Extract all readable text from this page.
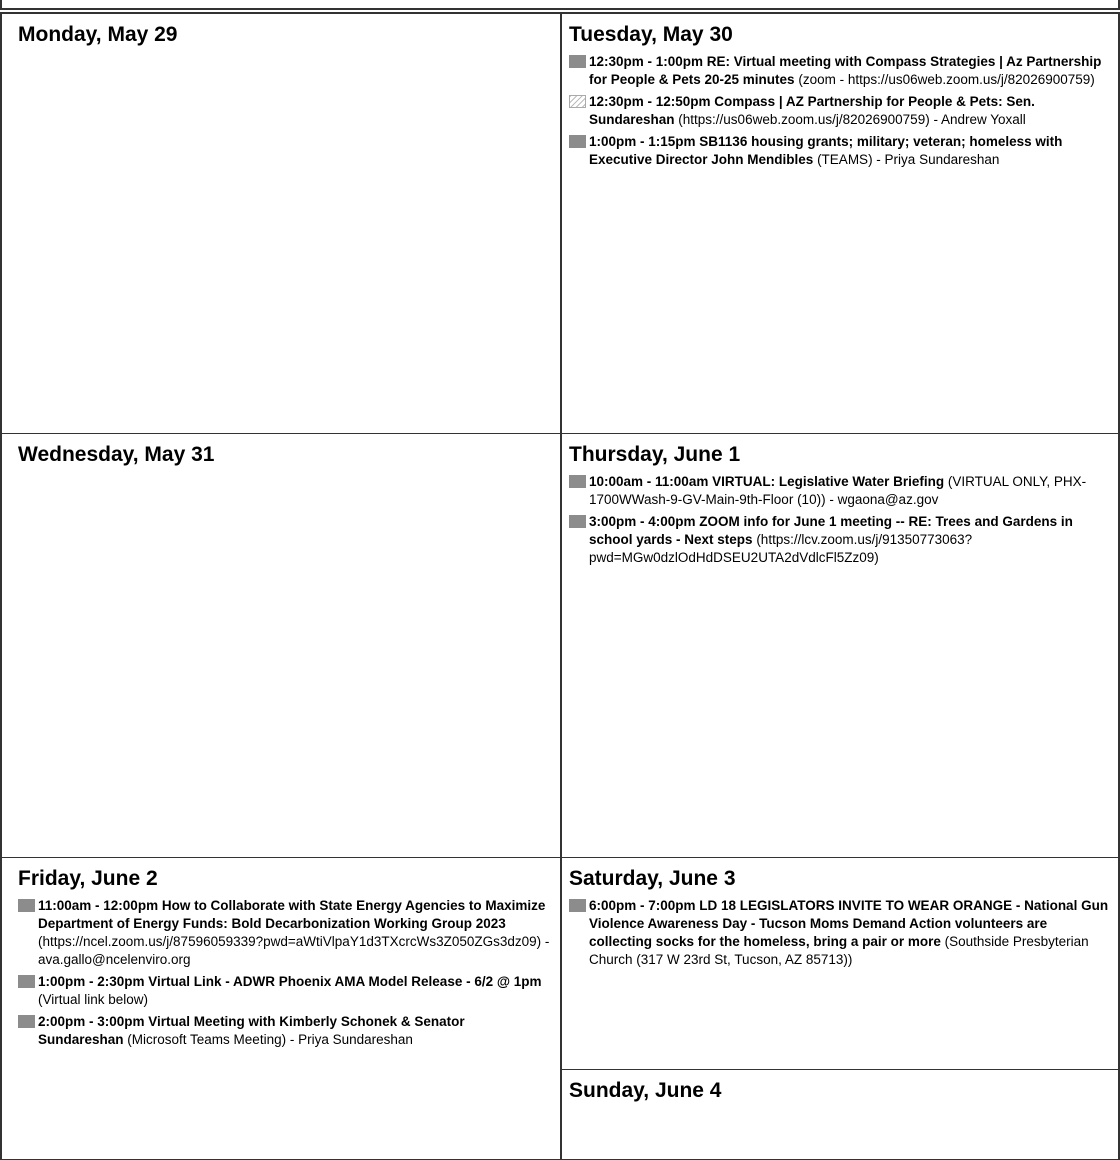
Monday, May 29	Tuesday, May 30
12:30pm - 1:00pm RE: Virtual meeting with Compass Strategies | Az Partnership for People & Pets 20-25 minutes (zoom - https://us06web.zoom.us/j/82026900759)
12:30pm - 12:50pm Compass | AZ Partnership for People & Pets: Sen. Sundareshan (https://us06web.zoom.us/j/82026900759) - Andrew Yoxall
1:00pm - 1:15pm SB1136 housing grants; military; veteran; homeless with Executive Director John Mendibles (TEAMS) - Priya Sundareshan
Wednesday, May 31	Thursday, June 1
10:00am - 11:00am VIRTUAL: Legislative Water Briefing (VIRTUAL ONLY, PHX-1700WWash-9-GV-Main-9th-Floor (10)) - wgaona@az.gov
3:00pm - 4:00pm ZOOM info for June 1 meeting -- RE: Trees and Gardens in school yards - Next steps (https://lcv.zoom.us/j/91350773063?pwd=MGw0dzlOdHdDSEU2UTA2dVdlcFl5Zz09)
Friday, June 2
11:00am - 12:00pm How to Collaborate with State Energy Agencies to Maximize Department of Energy Funds: Bold Decarbonization Working Group 2023 (https://ncel.zoom.us/j/87596059339?pwd=aWtiVlpaY1d3TXcrcWs3Z050ZGs3dz09) - ava.gallo@ncelenviro.org
1:00pm - 2:30pm Virtual Link - ADWR Phoenix AMA Model Release - 6/2 @ 1pm (Virtual link below)
2:00pm - 3:00pm Virtual Meeting with Kimberly Schonek & Senator Sundareshan (Microsoft Teams Meeting) - Priya Sundareshan
Saturday, June 3
6:00pm - 7:00pm LD 18 LEGISLATORS INVITE TO WEAR ORANGE - National Gun Violence Awareness Day - Tucson Moms Demand Action volunteers are collecting socks for the homeless, bring a pair or more (Southside Presbyterian Church (317 W 23rd St, Tucson, AZ 85713))
Sunday, June 4
